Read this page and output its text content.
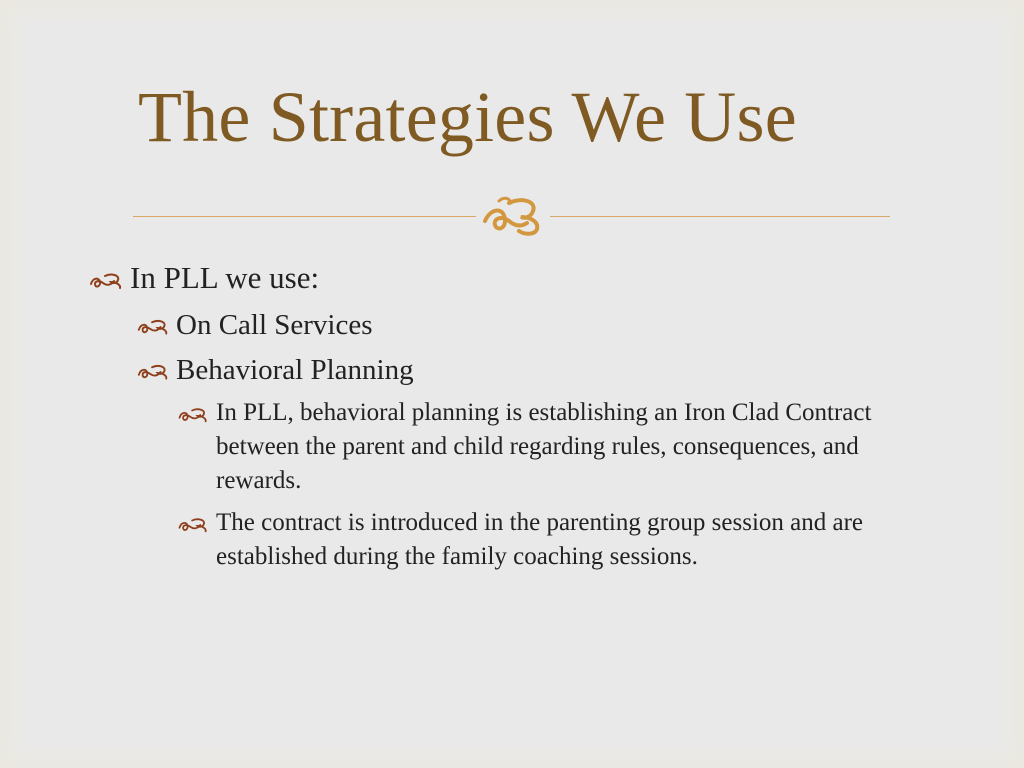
The Strategies We Use
In PLL we use:
On Call Services
Behavioral Planning
In PLL, behavioral planning is establishing an Iron Clad Contract between the parent and child regarding rules, consequences, and rewards.
The contract is introduced in the parenting group session and are established during the family coaching sessions.
